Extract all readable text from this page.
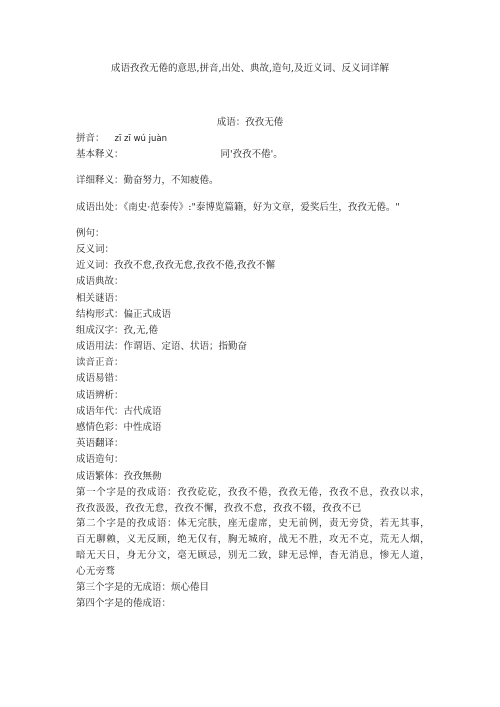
成语孜孜无倦的意思,拼音,出处、典故,造句,及近义词、反义词详解
成语：孜孜无倦
拼音： zī zī wú juàn
基本释义：	同'孜孜不倦'。
详细释义：勤奋努力，不知疲倦。
成语出处：《南史·范泰传》:"泰博览篇籍，好为文章，爱奖后生，孜孜无倦。"
例句：
反义词：
近义词：孜孜不怠,孜孜无怠,孜孜不倦,孜孜不懈
成语典故：
相关谜语：
结构形式：偏正式成语
组成汉字：孜,无,倦
成语用法：作谓语、定语、状语；指勤奋
读音正音：
成语易错：
成语辨析：
成语年代：古代成语
感情色彩：中性成语
英语翻译：
成语造句：
成语繁体：孜孜無勌
第一个字是的孜成语：孜孜矻矻，孜孜不倦，孜孜无倦，孜孜不息，孜孜以求，孜孜汲汲，孜孜无怠，孜孜不懈，孜孜不怠，孜孜不辍，孜孜不已
第二个字是的孜成语：体无完肤，座无虚席，史无前例，责无旁贷，若无其事，百无聊赖，义无反顾，绝无仅有，胸无城府，战无不胜，攻无不克，荒无人烟，暗无天日，身无分文，毫无顾忌，别无二致，肆无忌惮，杳无消息，惨无人道，心无旁骛
第三个字是的无成语：烦心倦目
第四个字是的倦成语：
